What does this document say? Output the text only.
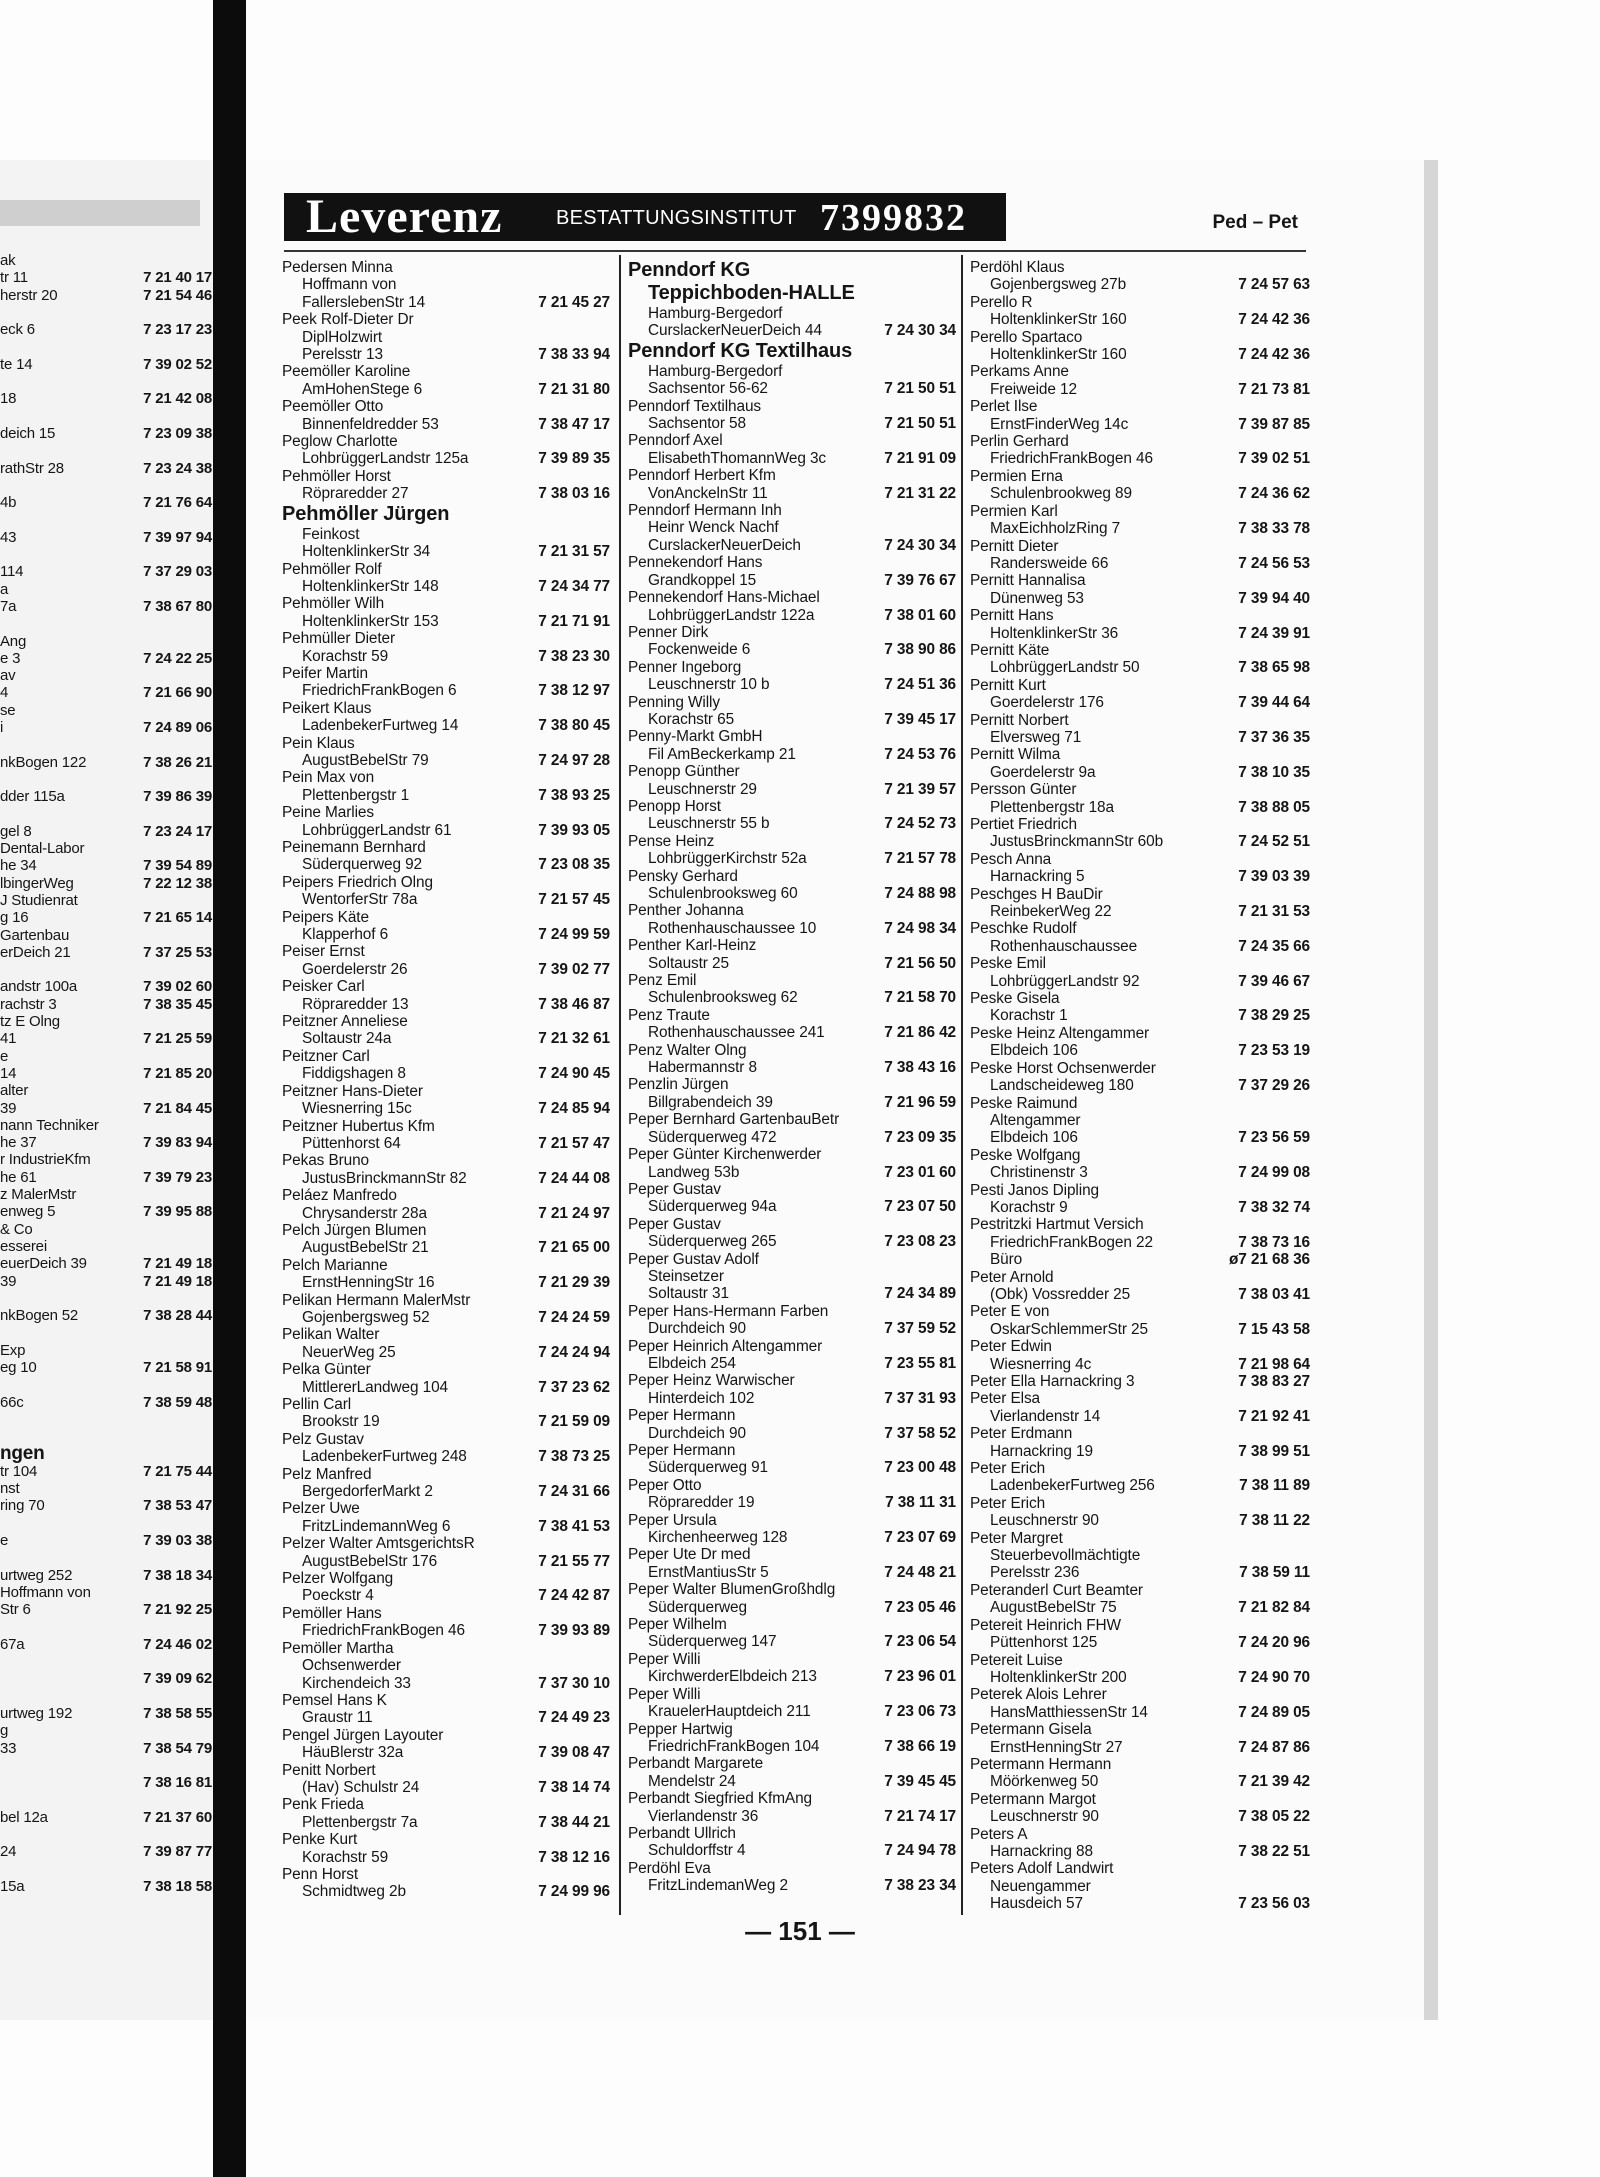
ak
tr 11	7 21 40 17
herstr 20	7 21 54 46
eck 6	7 23 17 23
te 14	7 39 02 52
18	7 21 42 08
deich 15	7 23 09 38
rathStr 28	7 23 24 38
4b	7 21 76 64
43	7 39 97 94
114	7 37 29 03
a
7a	7 38 67 80
Ang
e 3	7 24 22 25
av
4	7 21 66 90
se
i	7 24 89 06
nkBogen 122	7 38 26 21
dder 115a	7 39 86 39
gel 8	7 23 24 17
Dental-Labor
he 34	7 39 54 89
lbingerWeg	7 22 12 38
J Studienrat
g 16	7 21 65 14
Gartenbau
erDeich 21	7 37 25 53
andstr 100a	7 39 02 60
rachstr 3	7 38 35 45
tz E Olng
41	7 21 25 59
e
14	7 21 85 20
alter
39	7 21 84 45
nann Techniker
he 37	7 39 83 94
r IndustrieKfm
he 61	7 39 79 23
z MalerMstr
enweg 5	7 39 95 88
& Co
esserei
euerDeich 39	7 21 49 18
39	7 21 49 18
nkBogen 52	7 38 28 44
Exp
eg 10	7 21 58 91
66c	7 38 59 48
ngen
tr 104	7 21 75 44
nst
ring 70	7 38 53 47
e	7 39 03 38
urtweg 252	7 38 18 34
Hoffmann von
Str 6	7 21 92 25
67a	7 24 46 02
7 39 09 62
urtweg 192	7 38 58 55
g
33	7 38 54 79
7 38 16 81
bel 12a	7 21 37 60
24	7 39 87 77
15a	7 38 18 58
Leverenz	BESTATTUNGSINSTITUT 7399832	Ped – Pet
Pedersen Minna
Hoffmann von
FallerslebenStr 14	7 21 45 27
Peek Rolf-Dieter Dr
DiplHolzwirt
Perelsstr 13	7 38 33 94
Peemöller Karoline
AmHohenStege 6	7 21 31 80
Peemöller Otto
Binnenfeldredder 53	7 38 47 17
Peglow Charlotte
LohbrüggerLandstr 125a	7 39 89 35
Pehmöller Horst
Röpraredder 27	7 38 03 16
Pehmöller Jürgen
Feinkost
HoltenklinkerStr 34	7 21 31 57
Pehmöller Rolf
HoltenklinkerStr 148	7 24 34 77
Pehmöller Wilh
HoltenklinkerStr 153	7 21 71 91
Pehmüller Dieter
Korachstr 59	7 38 23 30
Peifer Martin
FriedrichFrankBogen 6	7 38 12 97
Peikert Klaus
LadenbekerFurtweg 14	7 38 80 45
Pein Klaus
AugustBebelStr 79	7 24 97 28
Pein Max von
Plettenbergstr 1	7 38 93 25
Peine Marlies
LohbrüggerLandstr 61	7 39 93 05
Peinemann Bernhard
Süderquerweg 92	7 23 08 35
Peipers Friedrich Olng
WentorferStr 78a	7 21 57 45
Peipers Käte
Klapperhof 6	7 24 99 59
Peiser Ernst
Goerdelerstr 26	7 39 02 77
Peisker Carl
Röpraredder 13	7 38 46 87
Peitzner Anneliese
Soltaustr 24a	7 21 32 61
Peitzner Carl
Fiddigshagen 8	7 24 90 45
Peitzner Hans-Dieter
Wiesnerring 15c	7 24 85 94
Peitzner Hubertus Kfm
Püttenhorst 64	7 21 57 47
Pekas Bruno
JustusBrinckmannStr 82	7 24 44 08
Peláez Manfredo
Chrysanderstr 28a	7 21 24 97
Pelch Jürgen Blumen
AugustBebelStr 21	7 21 65 00
Pelch Marianne
ErnstHenningStr 16	7 21 29 39
Pelikan Hermann MalerMstr
Gojenbergsweg 52	7 24 24 59
Pelikan Walter
NeuerWeg 25	7 24 24 94
Pelka Günter
MittlererLandweg 104	7 37 23 62
Pellin Carl
Brookstr 19	7 21 59 09
Pelz Gustav
LadenbekerFurtweg 248	7 38 73 25
Pelz Manfred
BergedorferMarkt 2	7 24 31 66
Pelzer Uwe
FritzLindemannWeg 6	7 38 41 53
Pelzer Walter AmtsgerichtsR
AugustBebelStr 176	7 21 55 77
Pelzer Wolfgang
Poeckstr 4	7 24 42 87
Pemöller Hans
FriedrichFrankBogen 46	7 39 93 89
Pemöller Martha
Ochsenwerder
Kirchendeich 33	7 37 30 10
Pemsel Hans K
Graustr 11	7 24 49 23
Pengel Jürgen Layouter
HäuBlerstr 32a	7 39 08 47
Penitt Norbert
(Hav) Schulstr 24	7 38 14 74
Penk Frieda
Plettenbergstr 7a	7 38 44 21
Penke Kurt
Korachstr 59	7 38 12 16
Penn Horst
Schmidtweg 2b	7 24 99 96
Penndorf KG
Teppichboden-HALLE
Hamburg-Bergedorf
CurslackerNeuerDeich 44	7 24 30 34
Penndorf KG Textilhaus
Hamburg-Bergedorf
Sachsentor 56-62	7 21 50 51
Penndorf Textilhaus
Sachsentor 58	7 21 50 51
Penndorf Axel
ElisabethThomannWeg 3c	7 21 91 09
Penndorf Herbert Kfm
VonAnckelnStr 11	7 21 31 22
Penndorf Hermann Inh
Heinr Wenck Nachf
CurslackerNeuerDeich	7 24 30 34
Pennekendorf Hans
Grandkoppel 15	7 39 76 67
Pennekendorf Hans-Michael
LohbrüggerLandstr 122a	7 38 01 60
Penner Dirk
Fockenweide 6	7 38 90 86
Penner Ingeborg
Leuschnerstr 10 b	7 24 51 36
Penning Willy
Korachstr 65	7 39 45 17
Penny-Markt GmbH
Fil AmBeckerkamp 21	7 24 53 76
Penopp Günther
Leuschnerstr 29	7 21 39 57
Penopp Horst
Leuschnerstr 55 b	7 24 52 73
Pense Heinz
LohbrüggerKirchstr 52a	7 21 57 78
Pensky Gerhard
Schulenbrooksweg 60	7 24 88 98
Penther Johanna
Rothenhauschaussee 10	7 24 98 34
Penther Karl-Heinz
Soltaustr 25	7 21 56 50
Penz Emil
Schulenbrooksweg 62	7 21 58 70
Penz Traute
Rothenhauschaussee 241	7 21 86 42
Penz Walter Olng
Habermannstr 8	7 38 43 16
Penzlin Jürgen
Billgrabendeich 39	7 21 96 59
Peper Bernhard GartenbauBetr
Süderquerweg 472	7 23 09 35
Peper Günter Kirchenwerder
Landweg 53b	7 23 01 60
Peper Gustav
Süderquerweg 94a	7 23 07 50
Peper Gustav
Süderquerweg 265	7 23 08 23
Peper Gustav Adolf
Steinsetzer
Soltaustr 31	7 24 34 89
Peper Hans-Hermann Farben
Durchdeich 90	7 37 59 52
Peper Heinrich Altengammer
Elbdeich 254	7 23 55 81
Peper Heinz Warwischer
Hinterdeich 102	7 37 31 93
Peper Hermann
Durchdeich 90	7 37 58 52
Peper Hermann
Süderquerweg 91	7 23 00 48
Peper Otto
Röpraredder 19	7 38 11 31
Peper Ursula
Kirchenheerweg 128	7 23 07 69
Peper Ute Dr med
ErnstMantiusStr 5	7 24 48 21
Peper Walter BlumenGroßhdlg
Süderquerweg	7 23 05 46
Peper Wilhelm
Süderquerweg 147	7 23 06 54
Peper Willi
KirchwerderElbdeich 213	7 23 96 01
Peper Willi
KrauelerHauptdeich 211	7 23 06 73
Pepper Hartwig
FriedrichFrankBogen 104	7 38 66 19
Perbandt Margarete
Mendelstr 24	7 39 45 45
Perbandt Siegfried KfmAng
Vierlandenstr 36	7 21 74 17
Perbandt Ullrich
Schuldorffstr 4	7 24 94 78
Perdöhl Eva
FritzLindemanWeg 2	7 38 23 34
Perdöhl Klaus
Gojenbergsweg 27b	7 24 57 63
Perello R
HoltenklinkerStr 160	7 24 42 36
Perello Spartaco
HoltenklinkerStr 160	7 24 42 36
Perkams Anne
Freiweide 12	7 21 73 81
Perlet Ilse
ErnstFinderWeg 14c	7 39 87 85
Perlin Gerhard
FriedrichFrankBogen 46	7 39 02 51
Permien Erna
Schulenbrookweg 89	7 24 36 62
Permien Karl
MaxEichholzRing 7	7 38 33 78
Pernitt Dieter
Randersweide 66	7 24 56 53
Pernitt Hannalisa
Dünenweg 53	7 39 94 40
Pernitt Hans
HoltenklinkerStr 36	7 24 39 91
Pernitt Käte
LohbrüggerLandstr 50	7 38 65 98
Pernitt Kurt
Goerdelerstr 176	7 39 44 64
Pernitt Norbert
Elversweg 71	7 37 36 35
Pernitt Wilma
Goerdelerstr 9a	7 38 10 35
Persson Günter
Plettenbergstr 18a	7 38 88 05
Pertiet Friedrich
JustusBrinckmannStr 60b	7 24 52 51
Pesch Anna
Harnackring 5	7 39 03 39
Peschges H BauDir
ReinbekerWeg 22	7 21 31 53
Peschke Rudolf
Rothenhauschaussee	7 24 35 66
Peske Emil
LohbrüggerLandstr 92	7 39 46 67
Peske Gisela
Korachstr 1	7 38 29 25
Peske Heinz Altengammer
Elbdeich 106	7 23 53 19
Peske Horst Ochsenwerder
Landscheideweg 180	7 37 29 26
Peske Raimund
Altengammer
Elbdeich 106	7 23 56 59
Peske Wolfgang
Christinenstr 3	7 24 99 08
Pesti Janos Dipling
Korachstr 9	7 38 32 74
Pestritzki Hartmut Versich
FriedrichFrankBogen 22	7 38 73 16
Büro	ø7 21 68 36
Peter Arnold
(Obk) Vossredder 25	7 38 03 41
Peter E von
OskarSchlemmerStr 25	7 15 43 58
Peter Edwin
Wiesnerring 4c	7 21 98 64
Peter Ella Harnackring 3	7 38 83 27
Peter Elsa
Vierlandenstr 14	7 21 92 41
Peter Erdmann
Harnackring 19	7 38 99 51
Peter Erich
LadenbekerFurtweg 256	7 38 11 89
Peter Erich
Leuschnerstr 90	7 38 11 22
Peter Margret
Steuerbevollmächtigte
Perelsstr 236	7 38 59 11
Peteranderl Curt Beamter
AugustBebelStr 75	7 21 82 84
Petereit Heinrich FHW
Püttenhorst 125	7 24 20 96
Petereit Luise
HoltenklinkerStr 200	7 24 90 70
Peterek Alois Lehrer
HansMatthiessenStr 14	7 24 89 05
Petermann Gisela
ErnstHenningStr 27	7 24 87 86
Petermann Hermann
Möörkenweg 50	7 21 39 42
Petermann Margot
Leuschnerstr 90	7 38 05 22
Peters A
Harnackring 88	7 38 22 51
Peters Adolf Landwirt
Neuengammer
Hausdeich 57	7 23 56 03
— 151 —
